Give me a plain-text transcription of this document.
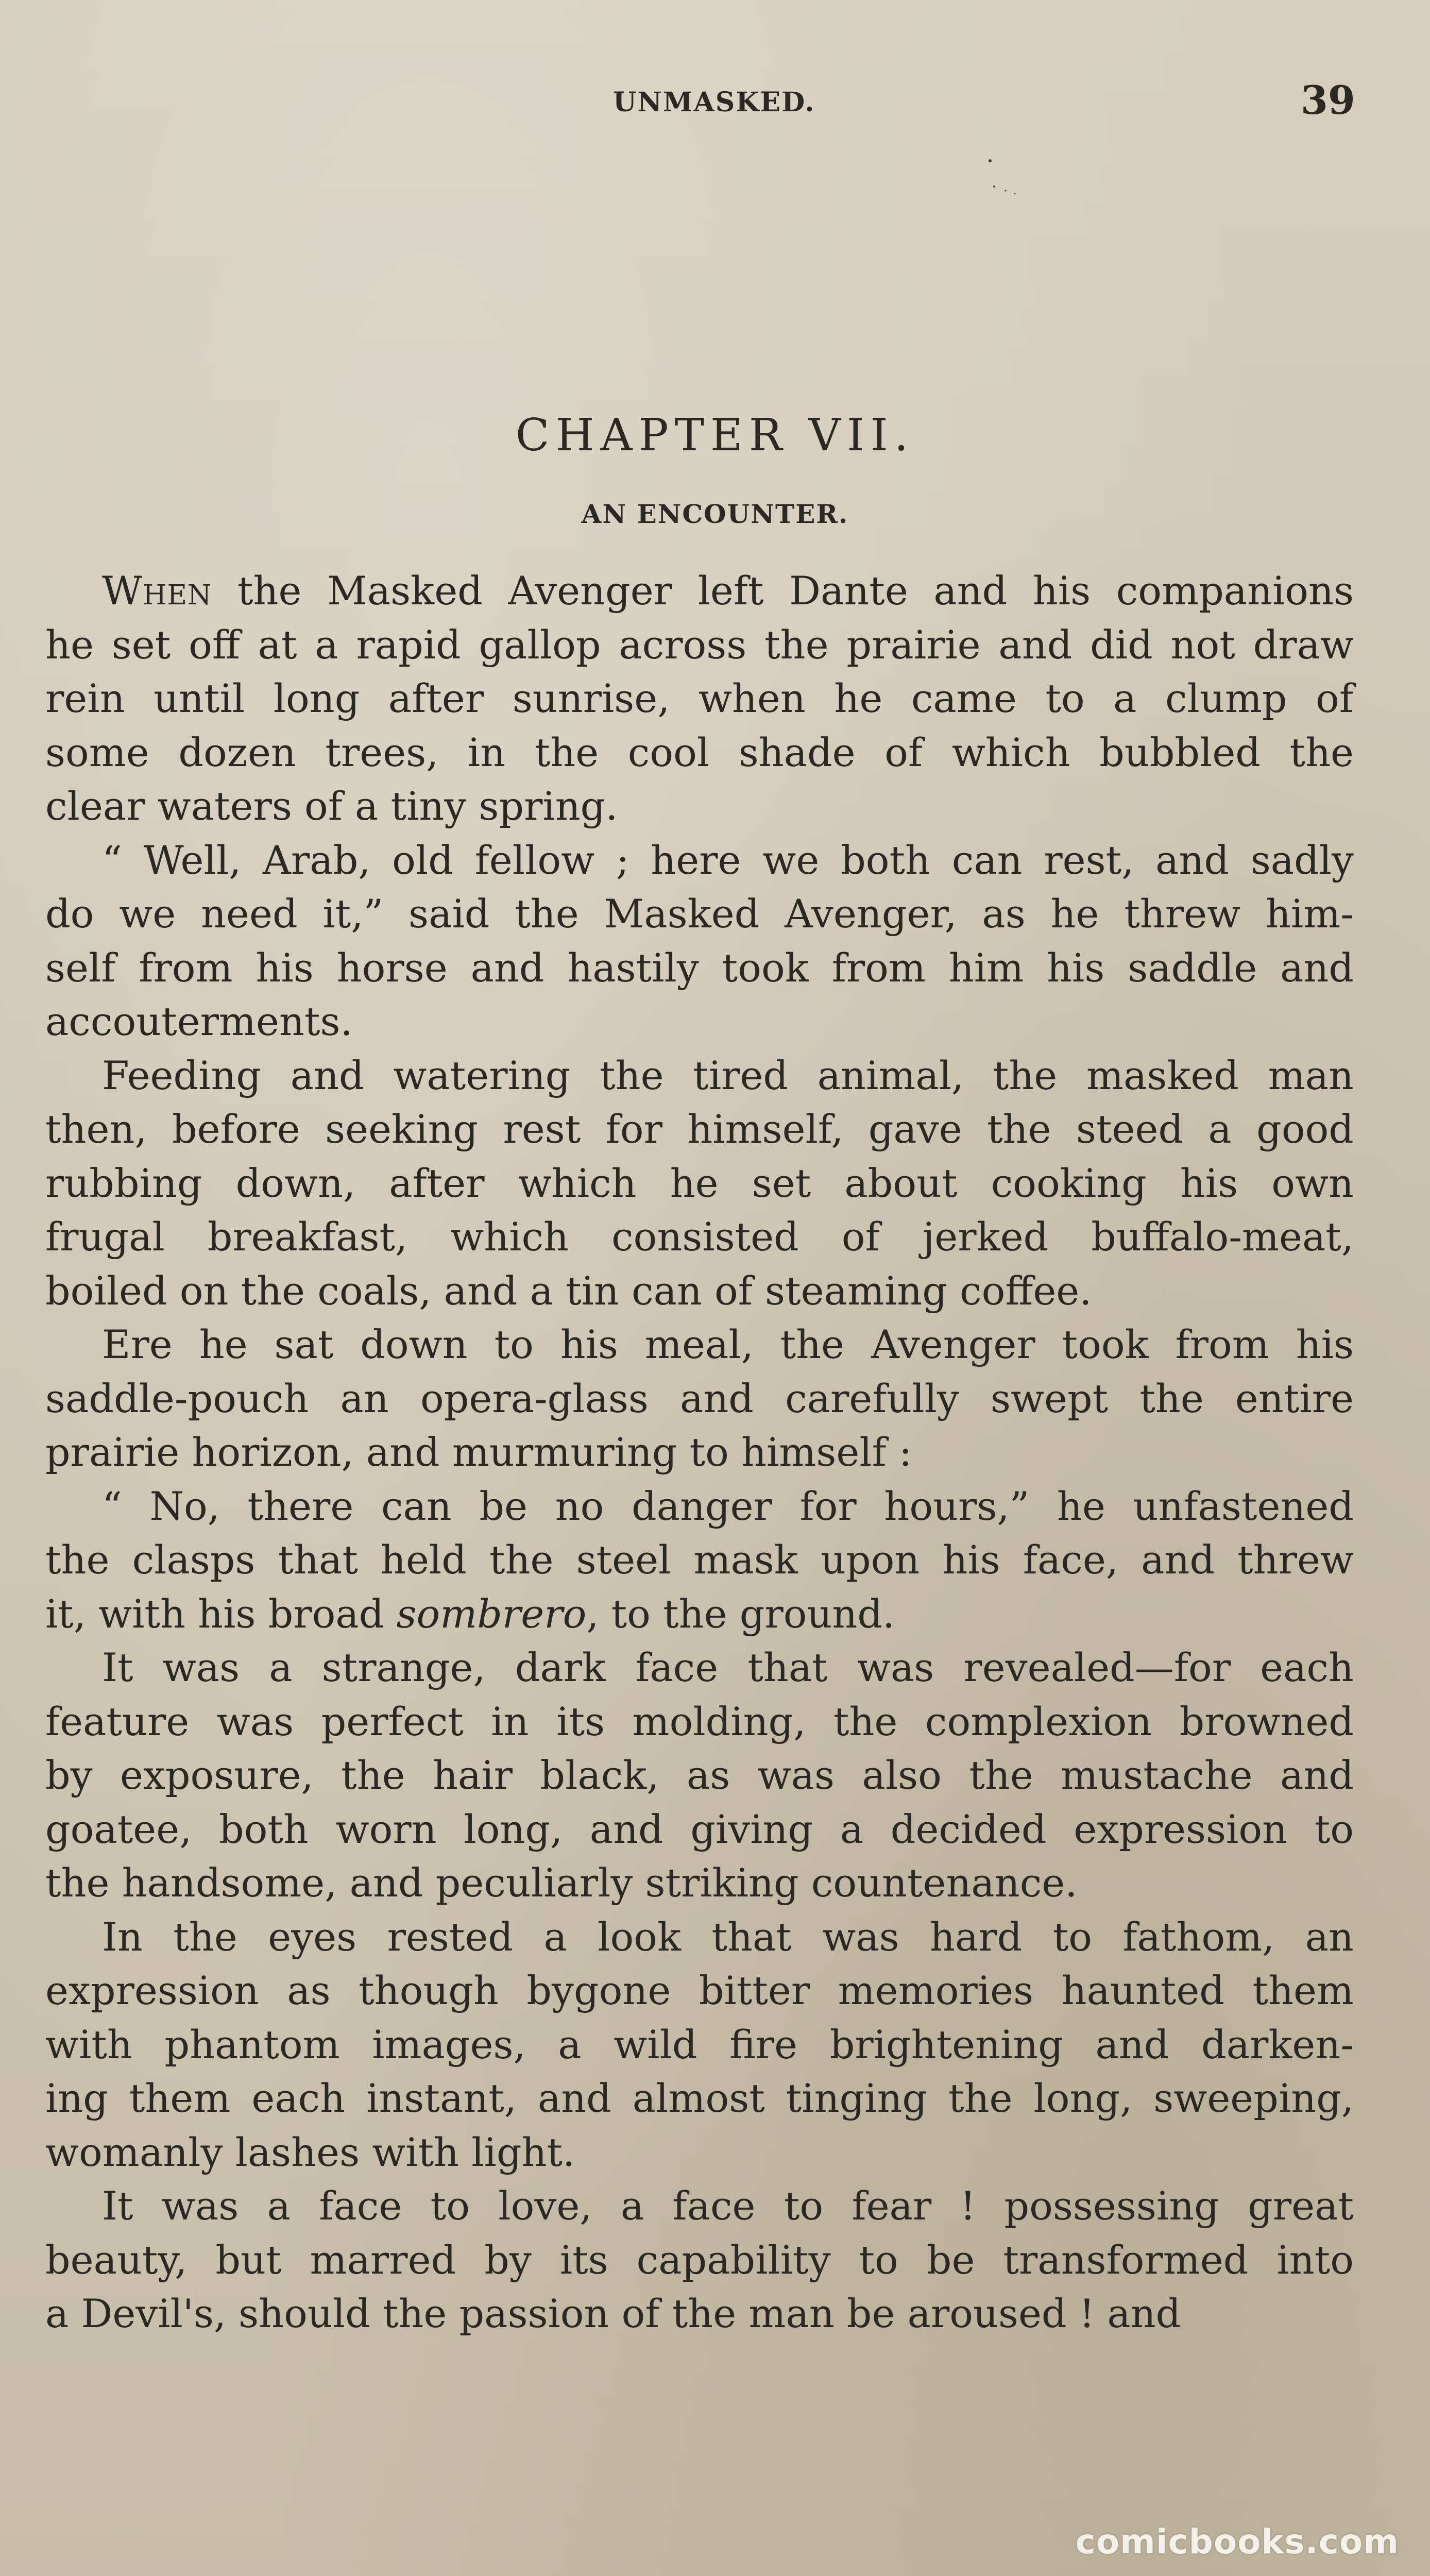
UNMASKED.	39
CHAPTER VII.
AN ENCOUNTER.
When the Masked Avenger left Dante and his companions
he set off at a rapid gallop across the prairie and did not draw
rein until long after sunrise, when he came to a clump of
some dozen trees, in the cool shade of which bubbled the
clear waters of a tiny spring.
“ Well, Arab, old fellow ; here we both can rest, and sadly
do we need it,” said the Masked Avenger, as he threw him-
self from his horse and hastily took from him his saddle and
accouterments.
Feeding and watering the tired animal, the masked man
then, before seeking rest for himself, gave the steed a good
rubbing down, after which he set about cooking his own
frugal breakfast, which consisted of jerked buffalo-meat,
boiled on the coals, and a tin can of steaming coffee.
Ere he sat down to his meal, the Avenger took from his
saddle-pouch an opera-glass and carefully swept the entire
prairie horizon, and murmuring to himself :
“ No, there can be no danger for hours,” he unfastened
the clasps that held the steel mask upon his face, and threw
it, with his broad sombrero, to the ground.
It was a strange, dark face that was revealed—for each
feature was perfect in its molding, the complexion browned
by exposure, the hair black, as was also the mustache and
goatee, both worn long, and giving a decided expression to
the handsome, and peculiarly striking countenance.
In the eyes rested a look that was hard to fathom, an
expression as though bygone bitter memories haunted them
with phantom images, a wild fire brightening and darken-
ing them each instant, and almost tinging the long, sweeping,
womanly lashes with light.
It was a face to love, a face to fear ! possessing great
beauty, but marred by its capability to be transformed into
a Devil's, should the passion of the man be aroused ! and
comicbooks.com
